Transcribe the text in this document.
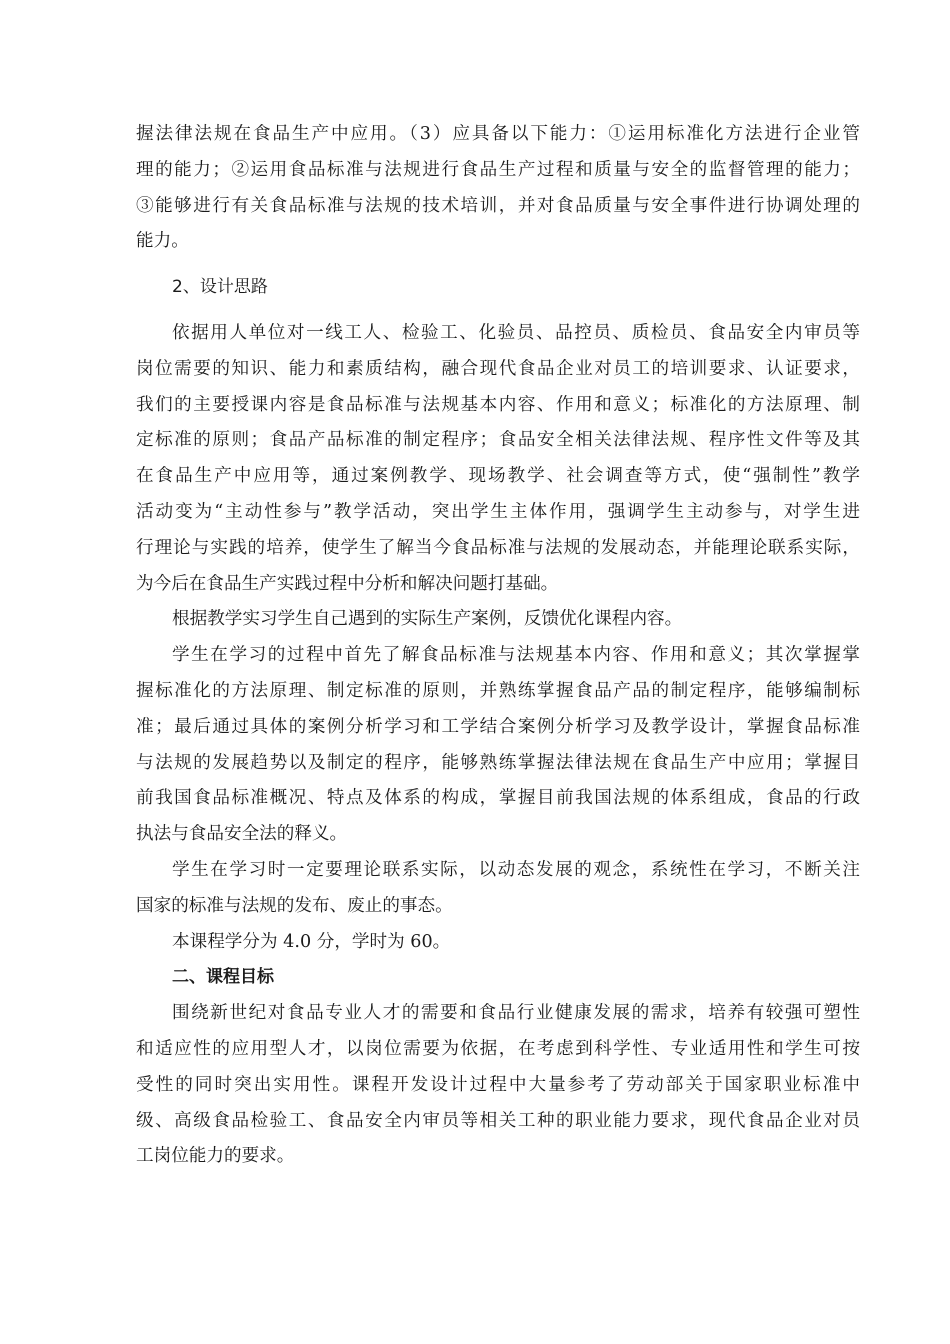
握法律法规在食品生产中应用。（3）应具备以下能力：①运用标准化方法进行企业管
理的能力；②运用食品标准与法规进行食品生产过程和质量与安全的监督管理的能力；
③能够进行有关食品标准与法规的技术培训，并对食品质量与安全事件进行协调处理的
能力。
2、设计思路
依据用人单位对一线工人、检验工、化验员、品控员、质检员、食品安全内审员等
岗位需要的知识、能力和素质结构，融合现代食品企业对员工的培训要求、认证要求，
我们的主要授课内容是食品标准与法规基本内容、作用和意义；标准化的方法原理、制
定标准的原则；食品产品标准的制定程序；食品安全相关法律法规、程序性文件等及其
在食品生产中应用等，通过案例教学、现场教学、社会调查等方式，使“强制性”教学
活动变为“主动性参与”教学活动，突出学生主体作用，强调学生主动参与，对学生进
行理论与实践的培养，使学生了解当今食品标准与法规的发展动态，并能理论联系实际，
为今后在食品生产实践过程中分析和解决问题打基础。
根据教学实习学生自己遇到的实际生产案例，反馈优化课程内容。
学生在学习的过程中首先了解食品标准与法规基本内容、作用和意义；其次掌握掌
握标准化的方法原理、制定标准的原则，并熟练掌握食品产品的制定程序，能够编制标
准；最后通过具体的案例分析学习和工学结合案例分析学习及教学设计，掌握食品标准
与法规的发展趋势以及制定的程序，能够熟练掌握法律法规在食品生产中应用；掌握目
前我国食品标准概况、特点及体系的构成，掌握目前我国法规的体系组成，食品的行政
执法与食品安全法的释义。
学生在学习时一定要理论联系实际，以动态发展的观念，系统性在学习，不断关注
国家的标准与法规的发布、废止的事态。
本课程学分为 4.0 分，学时为 60。
二、课程目标
围绕新世纪对食品专业人才的需要和食品行业健康发展的需求，培养有较强可塑性
和适应性的应用型人才，以岗位需要为依据，在考虑到科学性、专业适用性和学生可按
受性的同时突出实用性。课程开发设计过程中大量参考了劳动部关于国家职业标准中
级、高级食品检验工、食品安全内审员等相关工种的职业能力要求，现代食品企业对员
工岗位能力的要求。
